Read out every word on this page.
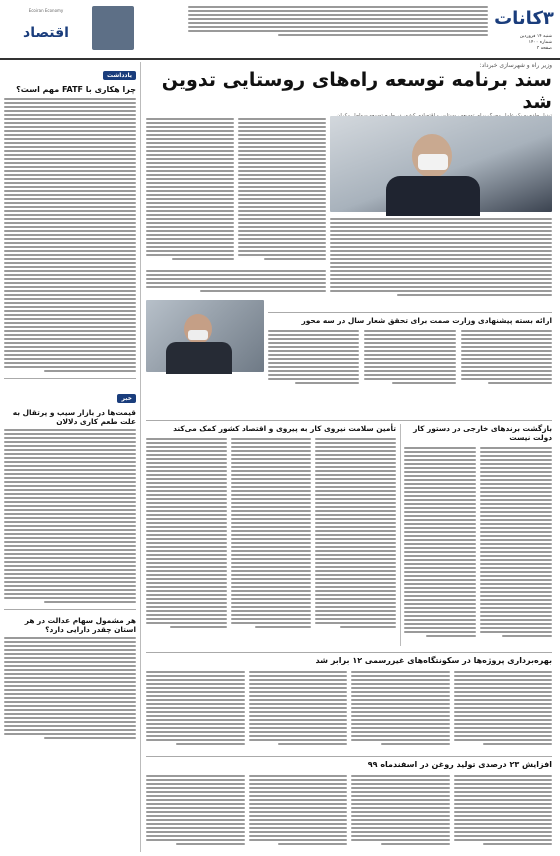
۳کانات
شنبه ۱۴ فروردین
شماره ۱۴۰۰
صفحه ۳
Ecoiran Economy
اقتصاد
یادداشت
چرا هکاری با FATF مهم است؟
خبر
قیمت‌ها در بازار سیب و پرتقال به علت طعم کاری دلالان
هر مشمول سهام عدالت در هر استان چقدر دارایی دارد؟
وزیر راه و شهرسازی خبرداد:
سند برنامه توسعه راه‌های روستایی تدوین شد
ارائه بسته پیشنهادی وزارت صمت برای تحقق شعار سال در سه محور
بازگشت برندهای خارجی در دستور کار دولت نیست
تأمین سلامت نیروی کار به پیروی و اقتصاد کشور کمک می‌کند
بهره‌برداری پروژه‌ها در سکونتگاه‌های غیررسمی ۱۲ برابر شد
افزایش ۲۳ درصدی تولید روغن در اسفندماه ۹۹
